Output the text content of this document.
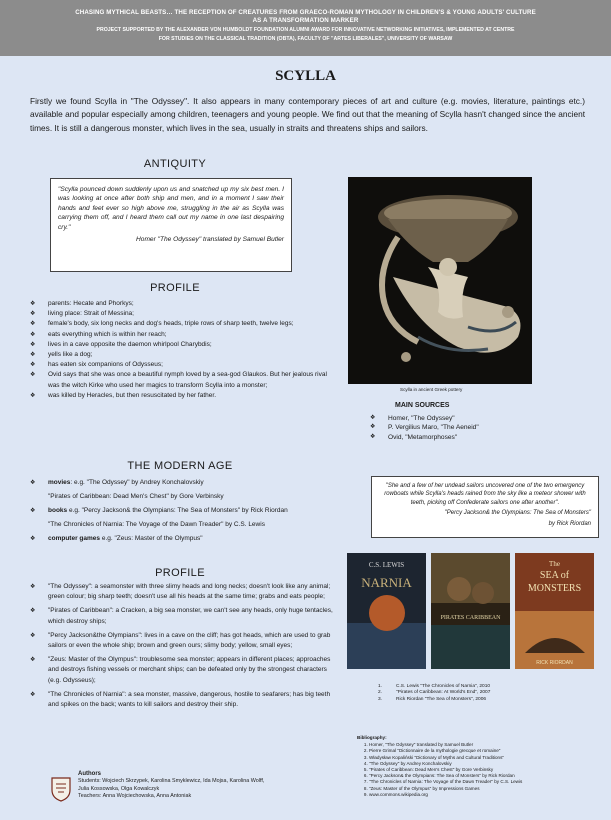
CHASING MYTHICAL BEASTS… THE RECEPTION OF CREATURES FROM GRAECO-ROMAN MYTHOLOGY IN CHILDREN'S & YOUNG ADULTS' CULTURE
AS A TRANSFORMATION MARKER
PROJECT SUPPORTED BY THE ALEXANDER VON HUMBOLDT FOUNDATION ALUMNI AWARD FOR INNOVATIVE NETWORKING INITIATIVES, IMPLEMENTED AT CENTRE
FOR STUDIES ON THE CLASSICAL TRADITION (OBTA), FACULTY OF "ARTES LIBERALES", UNIVERSITY OF WARSAW
SCYLLA
Firstly we found Scylla in "The Odyssey". It also appears in many contemporary pieces of art and culture (e.g. movies, literature, paintings etc.) available and popular especially among children, teenagers and young people. We find out that the meaning of Scylla hasn't changed since the ancient times. It is still a dangerous monster, which lives in the sea, usually in straits and threatens ships and sailors.
ANTIQUITY
"Scylla pounced down suddenly upon us and snatched up my six best men. I was looking at once after both ship and men, and in a moment I saw their hands and feet ever so high above me, struggling in the air as Scylla was carrying them off, and I heard them call out my name in one last despairing cry."
Homer "The Odyssey" translated by Samuel Butler
PROFILE
❖ parents: Hecate and Phorkys;
❖ living place: Strait of Messina;
❖ female's body, six long necks and dog's heads, triple rows of sharp teeth, twelve legs;
❖ eats everything which is within her reach;
❖ lives in a cave opposite the daemon whirlpool Charybdis;
❖ yells like a dog;
❖ has eaten six companions of Odysseus;
❖ Ovid says that she was once a beautiful nymph loved by a sea-god Glaukos. But her jealous rival was the witch Kirke who used her magics to transform Scylla into a monster;
❖ was killed by Heracles, but then resuscitated by her father.
Scylla in ancient Greek pottery
MAIN SOURCES
❖ Homer, "The Odyssey"
❖ P. Vergilius Maro, "The Aeneid"
❖ Ovid, "Metamorphoses"
THE MODERN AGE
❖ movies: e.g. "The Odyssey" by Andrey Konchalovskiy
"Pirates of Caribbean: Dead Men's Chest" by Gore Verbinsky
❖ books e.g. "Percy Jackson& the Olympians: The Sea of Monsters" by Rick Riordan
"The Chronicles of Narnia: The Voyage of the Dawn Treader" by C.S. Lewis
❖ computer games e.g. "Zeus: Master of the Olympus"
"She and a few of her undead sailors uncovered one of the two emergency rowboats while Scylla's heads rained from the sky like a meteor shower with teeth, picking off Confederate sailors one after another".
"Percy Jackson& the Olympians: The Sea of Monsters"
by Rick Riordan
C.S. LEWIS
NARNIA
PIRATES CARIBBEAN
The
SEA of
MONSTERS
RICK RIORDAN
1.	C.S. Lewis "The Chronicles of Narnia", 2010
2.	"Pirates of Caribbean: At World's End", 2007
3.	Rick Riordan "The Sea of Monsters", 2006
PROFILE
❖ "The Odyssey": a seamonster with three slimy heads and long necks; doesn't look like any animal; green colour; big sharp teeth; doesn't use all his heads at the same time; grabs and eats people;
❖ "Pirates of Caribbean": a Cracken, a big sea monster, we can't see any heads, only huge tentacles, which destroy ships;
❖ "Percy Jackson&the Olympians": lives in a cave on the cliff; has got heads, which are used to grab sailors or even the whole ship; brown and green ours; slimy body; yellow, small eyes;
❖ "Zeus: Master of the Olympus": troublesome sea monster; appears in different places; approaches and destroys fishing vessels or merchant ships; can be defeated only by the strongest characters (e.g. Odysseus);
❖ "The Chronicles of Narnia": a sea monster, massive, dangerous, hostile to seafarers; has big teeth and spikes on the back; wants to kill sailors and destroy their ship.
Bibliography:
1. Homer, "The Odyssey" translated by Samuel Butler
2. Pierre Grimal "Dictionnaire de la mythologie grecque et romaine"
3. Władysław Kopaliński "Dictionary of Myths and Cultural Traditions"
4. "The Odyssey" by Andrey Konchalovskiy
5. "Pirates of Caribbean: Dead Men's Chest" by Gore Verbinsky
6. "Percy Jackson& the Olympians: The Sea of Monsters" by Rick Riordan
7. "The Chronicles of Narnia: The Voyage of the Dawn Treader" by C.S. Lewis
8. "Zeus: Master of the Olympus" by Impressions Games
9. www.commons.wikipedia.org
Authors
Students: Wojciech Skrzypek, Karolina Smyklewicz, Ida Mojsa, Karolina Wolff,
Julia Kossowska, Olga Kowalczyk
Teachers: Anna Wojciechowska, Anna Antoniak
